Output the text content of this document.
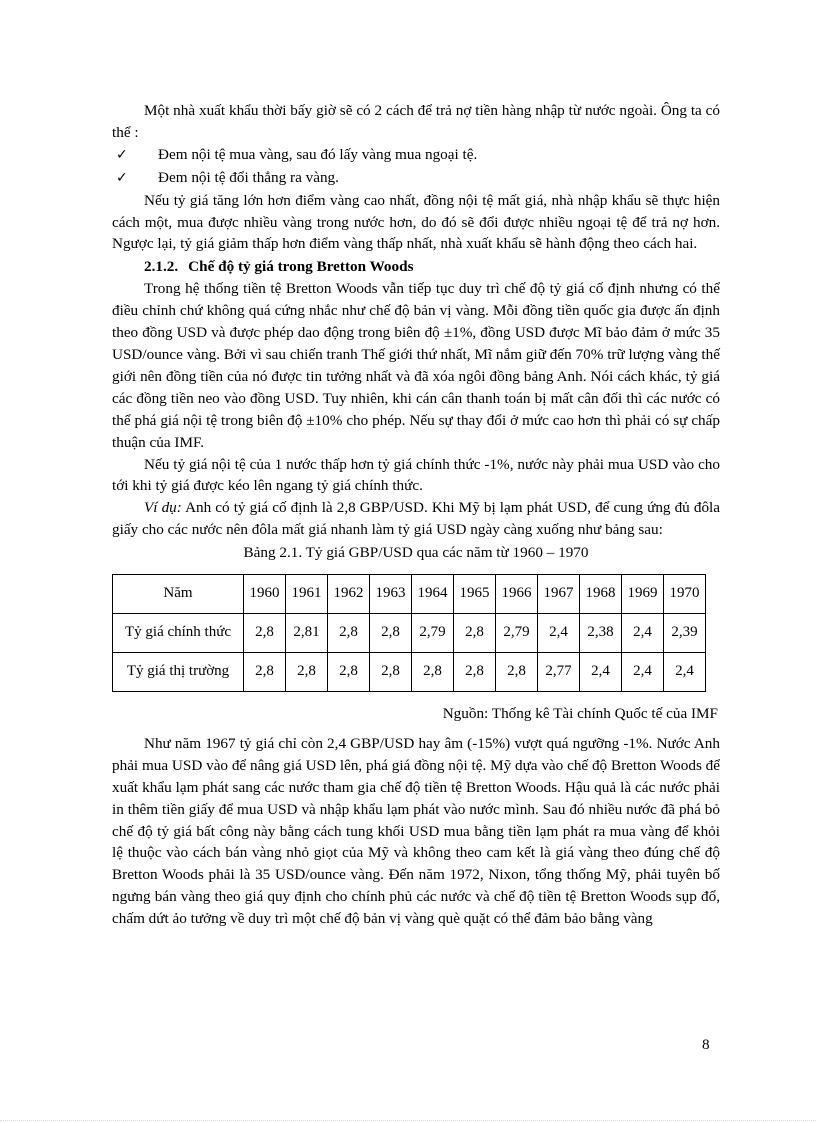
Một nhà xuất khẩu thời bấy giờ sẽ có 2 cách để trả nợ tiền hàng nhập từ nước ngoài. Ông ta có thể :

✓	Đem nội tệ mua vàng, sau đó lấy vàng mua ngoại tệ.
✓	Đem nội tệ đổi thẳng ra vàng.

Nếu tỷ giá tăng lớn hơn điểm vàng cao nhất, đồng nội tệ mất giá, nhà nhập khẩu sẽ thực hiện cách một, mua được nhiều vàng trong nước hơn, do đó sẽ đổi được nhiều ngoại tệ để trả nợ hơn. Ngược lại, tỷ giá giảm thấp hơn điểm vàng thấp nhất, nhà xuất khẩu sẽ hành động theo cách hai.

2.1.2. Chế độ tỷ giá trong Bretton Woods

Trong hệ thống tiền tệ Bretton Woods vẫn tiếp tục duy trì chế độ tỷ giá cố định nhưng có thể điều chỉnh chứ không quá cứng nhắc như chế độ bản vị vàng. Mỗi đồng tiền quốc gia được ấn định theo đồng USD và được phép dao động trong biên độ ±1%, đồng USD được Mĩ bảo đảm ở mức 35 USD/ounce vàng. Bởi vì sau chiến tranh Thế giới thứ nhất, Mĩ nắm giữ đến 70% trữ lượng vàng thế giới nên đồng tiền của nó được tin tưởng nhất và đã xóa ngôi đồng bảng Anh. Nói cách khác, tỷ giá các đồng tiền neo vào đồng USD. Tuy nhiên, khi cán cân thanh toán bị mất cân đối thì các nước có thể phá giá nội tệ trong biên độ ±10% cho phép. Nếu sự thay đổi ở mức cao hơn thì phải có sự chấp thuận của IMF.

Nếu tỷ giá nội tệ của 1 nước thấp hơn tỷ giá chính thức -1%, nước này phải mua USD vào cho tới khi tỷ giá được kéo lên ngang tỷ giá chính thức.

Ví dụ: Anh có tỷ giá cố định là 2,8 GBP/USD. Khi Mỹ bị lạm phát USD, để cung ứng đủ đôla giấy cho các nước nên đôla mất giá nhanh làm tỷ giá USD ngày càng xuống như bảng sau:

Bảng 2.1. Tỷ giá GBP/USD qua các năm từ 1960 – 1970
Năm	1960	1961	1962	1963	1964	1965	1966	1967	1968	1969	1970
Tỷ giá chính thức	2,8	2,81	2,8	2,8	2,79	2,8	2,79	2,4	2,38	2,4	2,39
Tỷ giá thị trường	2,8	2,8	2,8	2,8	2,8	2,8	2,8	2,77	2,4	2,4	2,4
Nguồn: Thống kê Tài chính Quốc tế của IMF

Như năm 1967 tỷ giá chỉ còn 2,4 GBP/USD hay âm (-15%) vượt quá ngưỡng -1%. Nước Anh phải mua USD vào để nâng giá USD lên, phá giá đồng nội tệ. Mỹ dựa vào chế độ Bretton Woods để xuất khẩu lạm phát sang các nước tham gia chế độ tiền tệ Bretton Woods. Hậu quả là các nước phải in thêm tiền giấy để mua USD và nhập khẩu lạm phát vào nước mình. Sau đó nhiều nước đã phá bỏ chế độ tỷ giá bất công này bằng cách tung khối USD mua bằng tiền lạm phát ra mua vàng để khỏi lệ thuộc vào cách bán vàng nhỏ giọt của Mỹ và không theo cam kết là giá vàng theo đúng chế độ Bretton Woods phải là 35 USD/ounce vàng. Đến năm 1972, Nixon, tổng thống Mỹ, phải tuyên bố ngưng bán vàng theo giá quy định cho chính phủ các nước và chế độ tiền tệ Bretton Woods sụp đổ, chấm dứt ảo tưởng về duy trì một chế độ bản vị vàng què quặt có thể đảm bảo bằng vàng

8
